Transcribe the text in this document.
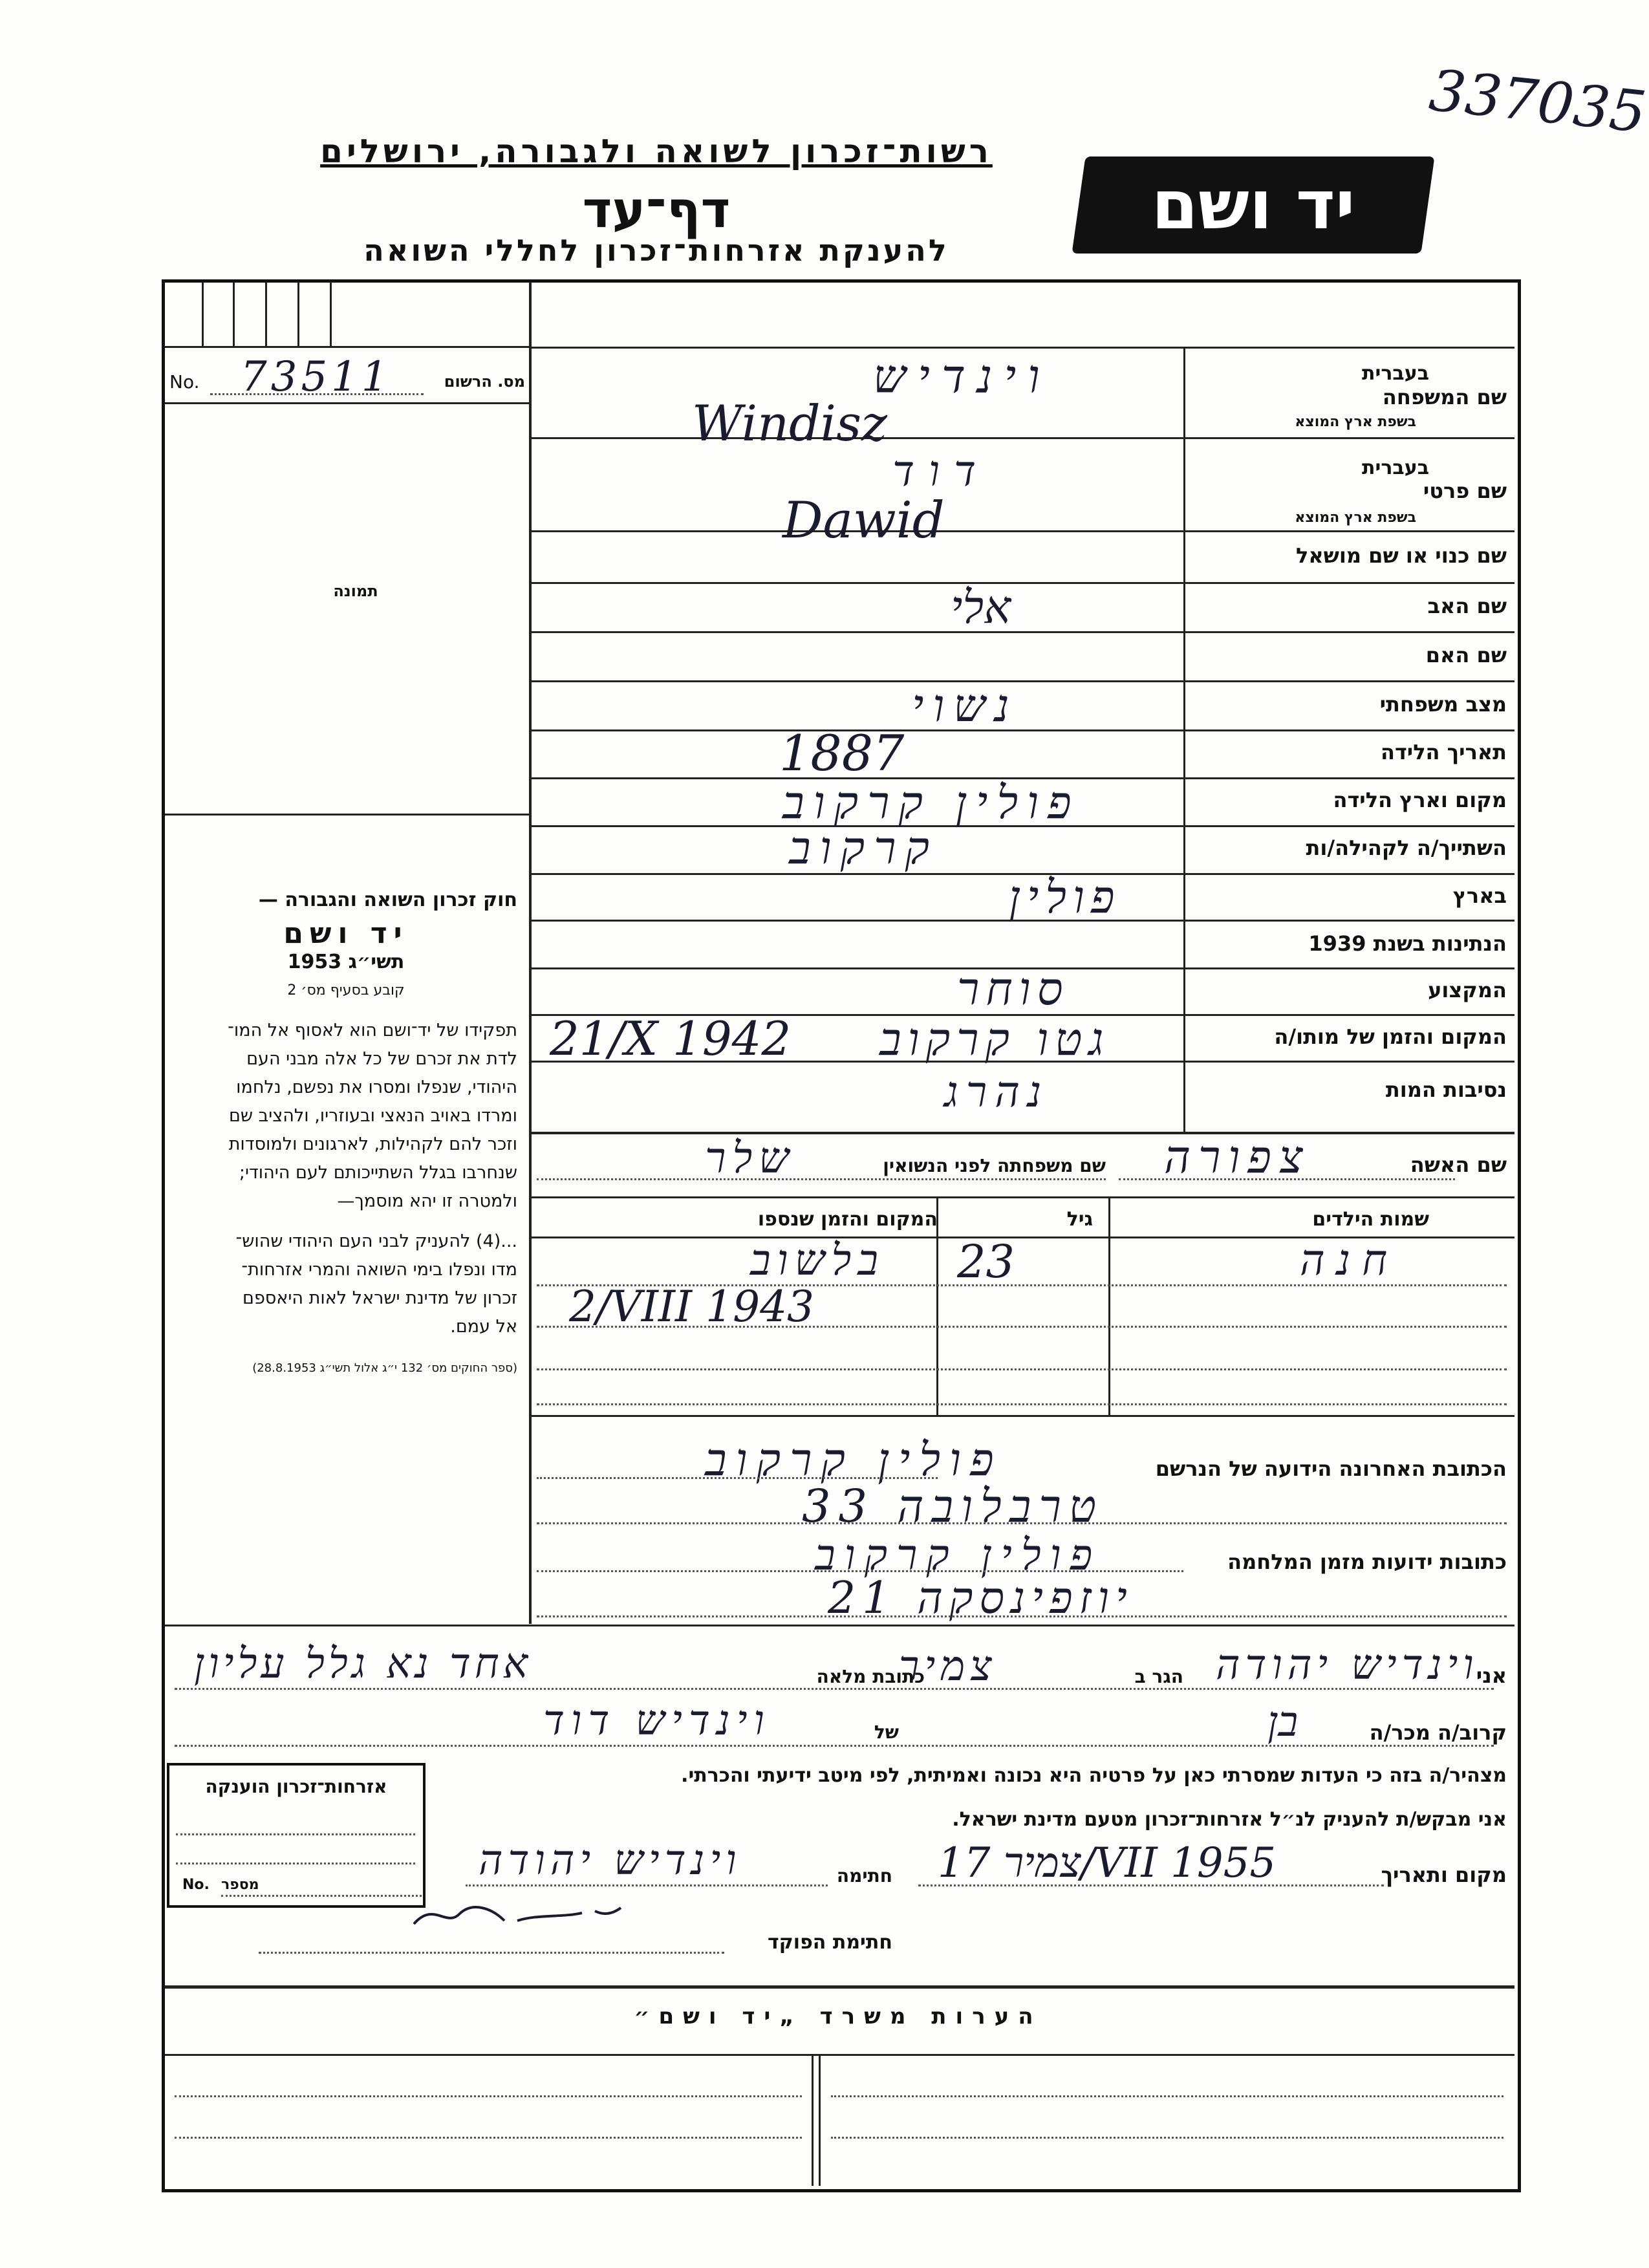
337035
רשות־זכרון לשואה ולגבורה, ירושלים
דף־עד
להענקת אזרחות־זכרון לחללי השואה
יד ושם
No. 73511	מס. הרשום
תמונה
חוק זכרון השואה והגבורה —
יד ושם
תשי״ג 1953
קובע בסעיף מס׳ 2
תפקידו של יד־ושם הוא לאסוף אל המו־
לדת את זכרם של כל אלה מבני העם
היהודי, שנפלו ומסרו את נפשם, נלחמו
ומרדו באויב הנאצי ובעוזריו, ולהציב שם
וזכר להם לקהילות, לארגונים ולמוסדות
שנחרבו בגלל השתייכותם לעם היהודי;
ולמטרה זו יהא מוסמך—
...(4) להעניק לבני העם היהודי שהוש־
מדו ונפלו בימי השואה והמרי אזרחות־
זכרון של מדינת ישראל לאות היאספם
אל עמם.
(ספר החוקים מס׳ 132 י״ג אלול תשי״ג 28.8.1953)
בעברית
שם המשפחה
בשפת ארץ המוצא
בעברית
שם פרטי
בשפת ארץ המוצא
שם כנוי או שם מושאל
שם האב
שם האם
מצב משפחתי
תאריך הלידה
מקום וארץ הלידה
השתייך/ה לקהילה/ות
בארץ
הנתינות בשנת 1939
המקצוע
המקום והזמן של מותו/ה
נסיבות המות
וינדיש
Windisz
דוד
Dawid
אלי
נשוי
1887
פולין קרקוב
קרקוב
פולין
סוחר
21/X 1942 גטו קרקוב
נהרג
שם האשה
צפורה
שם משפחתה לפני הנשואין
שלר
שמות הילדים
גיל
המקום והזמן שנספו
חנה
23
בלשוב
2/VIII 1943
הכתובת האחרונה הידועה של הנרשם
פולין קרקוב
טרבלובה 33
כתובות ידועות מזמן המלחמה
פולין קרקוב
יוזפינסקה 21
אני
וינדיש יהודה
הגר ב
צמיר
כתובת מלאה
אחד נא גלל עליון
קרוב/ה מכר/ה
בן
של
וינדיש דוד
מצהיר/ה בזה כי העדות שמסרתי כאן על פרטיה היא נכונה ואמיתית, לפי מיטב ידיעתי והכרתי.
אני מבקש/ת להעניק לנ״ל אזרחות־זכרון מטעם מדינת ישראל.
מקום ותאריך
צמיר 17/VII 1955
חתימה
וינדיש יהודה
חתימת הפוקד
אזרחות־זכרון הוענקה
No. מספר
הערות משרד „יד ושם״
